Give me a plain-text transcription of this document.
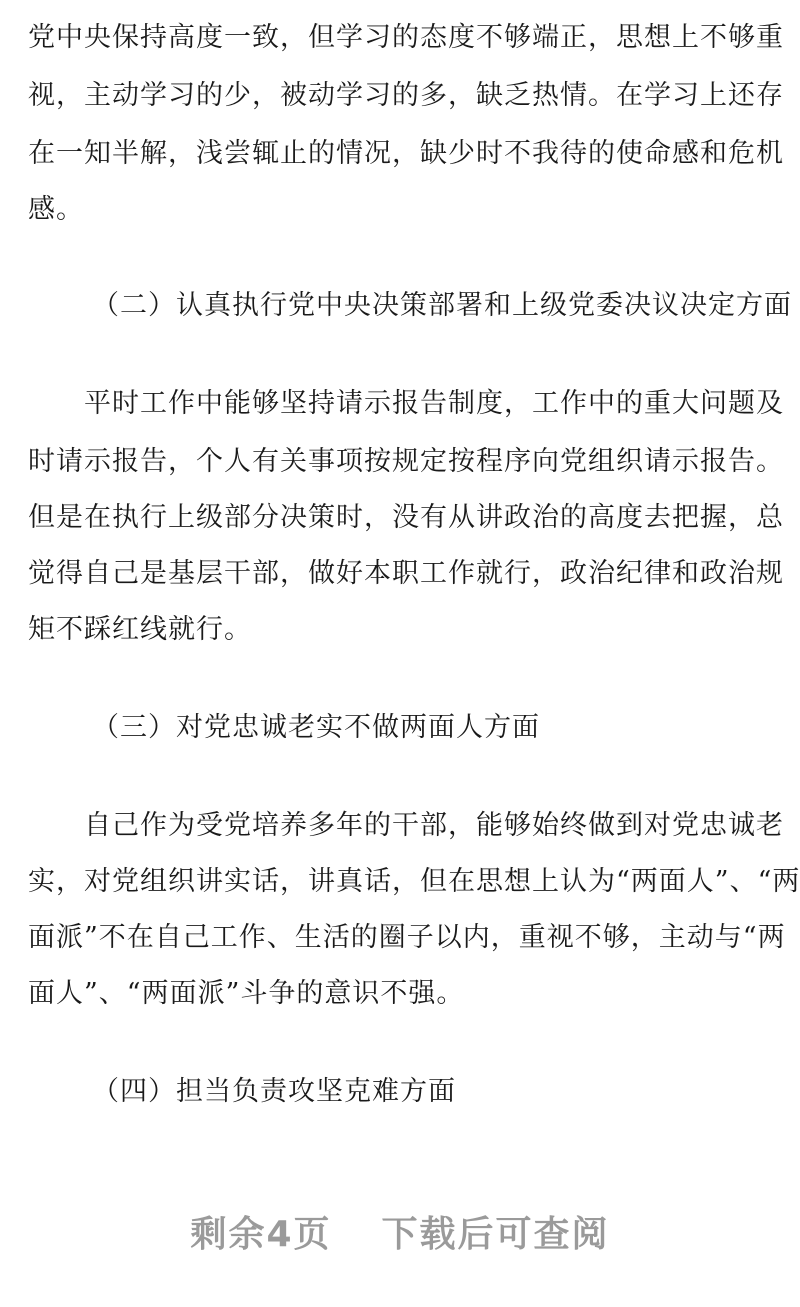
党中央保持高度一致，但学习的态度不够端正，思想上不够重
视，主动学习的少，被动学习的多，缺乏热情。在学习上还存
在一知半解，浅尝辄止的情况，缺少时不我待的使命感和危机
感。
（二）认真执行党中央决策部署和上级党委决议决定方面
平时工作中能够坚持请示报告制度，工作中的重大问题及
时请示报告，个人有关事项按规定按程序向党组织请示报告。
但是在执行上级部分决策时，没有从讲政治的高度去把握，总
觉得自己是基层干部，做好本职工作就行，政治纪律和政治规
矩不踩红线就行。
（三）对党忠诚老实不做两面人方面
自己作为受党培养多年的干部，能够始终做到对党忠诚老
实，对党组织讲实话，讲真话，但在思想上认为“两面人”、“两
面派”不在自己工作、生活的圈子以内，重视不够，主动与“两
面人”、“两面派”斗争的意识不强。
（四）担当负责攻坚克难方面
剩余4页 下载后可查阅
